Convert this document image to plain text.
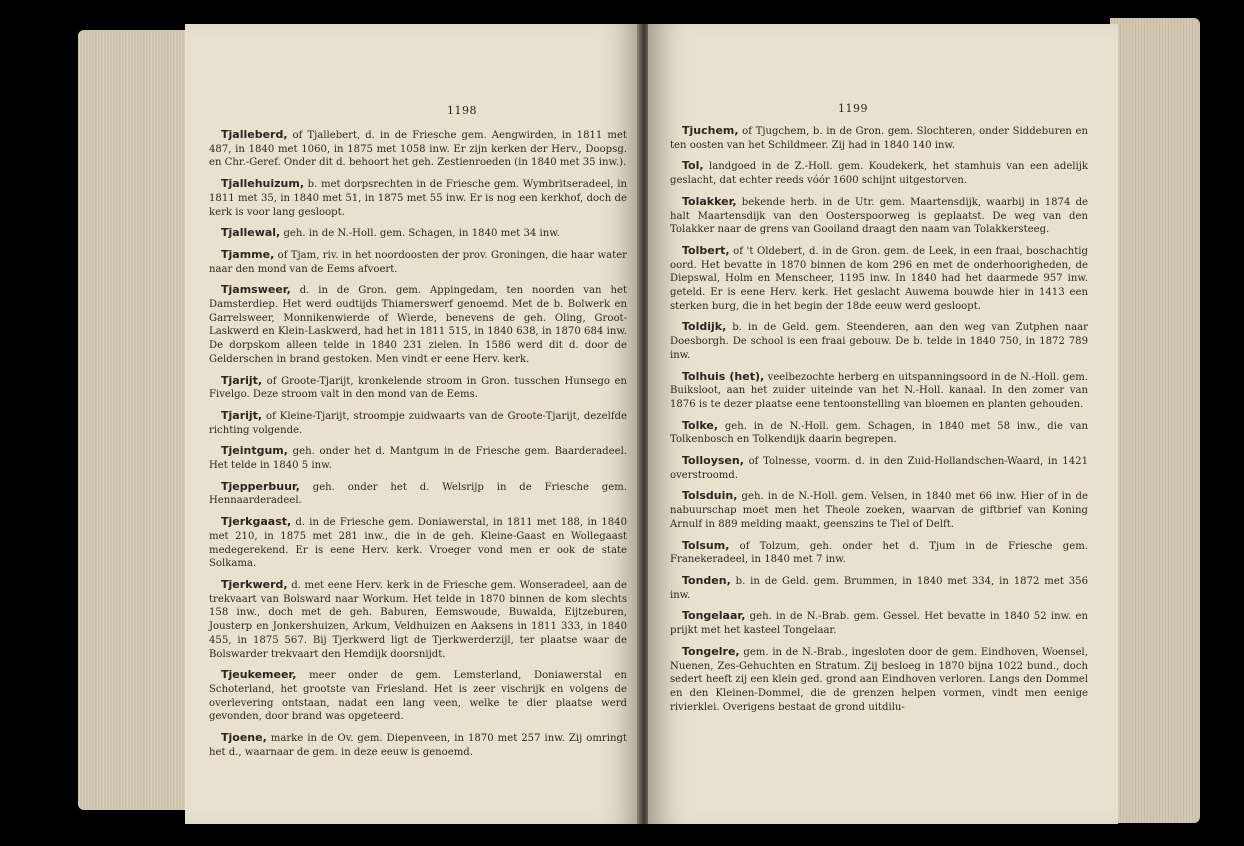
1198

Tjalleberd, of Tjallebert, d. in de Friesche gem. Aengwirden, in 1811 met 487, in 1840 met 1060, in 1875 met 1058 inw. Er zijn kerken der Herv., Doopsg. en Chr.-Geref. Onder dit d. behoort het geh. Zestienroeden (in 1840 met 35 inw.).

Tjallehuizum, b. met dorpsrechten in de Friesche gem. Wymbritseradeel, in 1811 met 35, in 1840 met 51, in 1875 met 55 inw. Er is nog een kerkhof, doch de kerk is voor lang gesloopt.

Tjallewal, geh. in de N.-Holl. gem. Schagen, in 1840 met 34 inw.

Tjamme, of Tjam, riv. in het noordoosten der prov. Groningen, die haar water naar den mond van de Eems afvoert.

Tjamsweer, d. in de Gron. gem. Appingedam, ten noorden van het Damsterdiep. Het werd oudtijds Thiamerswerf genoemd. Met de b. Bolwerk en Garrelsweer, Monnikenwierde of Wierde, benevens de geh. Oling, Groot-Laskwerd en Klein-Laskwerd, had het in 1811 515, in 1840 638, in 1870 684 inw. De dorpskom alleen telde in 1840 231 zielen. In 1586 werd dit d. door de Gelderschen in brand gestoken. Men vindt er eene Herv. kerk.

Tjarijt, of Groote-Tjarijt, kronkelende stroom in Gron. tusschen Hunsego en Fivelgo. Deze stroom valt in den mond van de Eems.

Tjarijt, of Kleine-Tjarijt, stroompje zuidwaarts van de Groote-Tjarijt, dezelfde richting volgende.

Tjeintgum, geh. onder het d. Mantgum in de Friesche gem. Baarderadeel. Het telde in 1840 5 inw.

Tjepperbuur, geh. onder het d. Welsrijp in de Friesche gem. Hennaarderadeel.

Tjerkgaast, d. in de Friesche gem. Doniawerstal, in 1811 met 188, in 1840 met 210, in 1875 met 281 inw., die in de geh. Kleine-Gaast en Wollegaast medegerekend. Er is eene Herv. kerk. Vroeger vond men er ook de state Solkama.

Tjerkwerd, d. met eene Herv. kerk in de Friesche gem. Wonseradeel, aan de trekvaart van Bolsward naar Workum. Het telde in 1870 binnen de kom slechts 158 inw., doch met de geh. Baburen, Eemswoude, Buwalda, Eijtzeburen, Jousterp en Jonkershuizen, Arkum, Veldhuizen en Aaksens in 1811 333, in 1840 455, in 1875 567. Bij Tjerkwerd ligt de Tjerkwerderzijl, ter plaatse waar de Bolswarder trekvaart den Hemdijk doorsnijdt.

Tjeukemeer, meer onder de gem. Lemsterland, Doniawerstal en Schoterland, het grootste van Friesland. Het is zeer vischrijk en volgens de overlevering ontstaan, nadat een lang veen, welke te dier plaatse werd gevonden, door brand was opgeteerd.

Tjoene, marke in de Ov. gem. Diepenveen, in 1870 met 257 inw. Zij omringt het d., waarnaar de gem. in deze eeuw is genoemd.

1199

Tjuchem, of Tjugchem, b. in de Gron. gem. Slochteren, onder Siddeburen en ten oosten van het Schildmeer. Zij had in 1840 140 inw.

Tol, landgoed in de Z.-Holl. gem. Koudekerk, het stamhuis van een adelijk geslacht, dat echter reeds vóór 1600 schijnt uitgestorven.

Tolakker, bekende herb. in de Utr. gem. Maartensdijk, waarbij in 1874 de halt Maartensdijk van den Oosterspoorweg is geplaatst. De weg van den Tolakker naar de grens van Gooiland draagt den naam van Tolakkersteeg.

Tolbert, of 't Oldebert, d. in de Gron. gem. de Leek, in een fraai, boschachtig oord. Het bevatte in 1870 binnen de kom 296 en met de onderhoorigheden, de Diepswal, Holm en Menscheer, 1195 inw. In 1840 had het daarmede 957 inw. geteld. Er is eene Herv. kerk. Het geslacht Auwema bouwde hier in 1413 een sterken burg, die in het begin der 18de eeuw werd gesloopt.

Toldijk, b. in de Geld. gem. Steenderen, aan den weg van Zutphen naar Doesborgh. De school is een fraai gebouw. De b. telde in 1840 750, in 1872 789 inw.

Tolhuis (het), veelbezochte herberg en uitspanningsoord in de N.-Holl. gem. Buiksloot, aan het zuider uiteinde van het N.-Holl. kanaal. In den zomer van 1876 is te dezer plaatse eene tentoonstelling van bloemen en planten gehouden.

Tolke, geh. in de N.-Holl. gem. Schagen, in 1840 met 58 inw., die van Tolkenbosch en Tolkendijk daarin begrepen.

Tolloysen, of Tolnesse, voorm. d. in den Zuid-Hollandschen-Waard, in 1421 overstroomd.

Tolsduin, geh. in de N.-Holl. gem. Velsen, in 1840 met 66 inw. Hier of in de nabuurschap moet men het Theole zoeken, waarvan de giftbrief van Koning Arnulf in 889 melding maakt, geenszins te Tiel of Delft.

Tolsum, of Tolzum, geh. onder het d. Tjum in de Friesche gem. Franekeradeel, in 1840 met 7 inw.

Tonden, b. in de Geld. gem. Brummen, in 1840 met 334, in 1872 met 356 inw.

Tongelaar, geh. in de N.-Brab. gem. Gessel. Het bevatte in 1840 52 inw. en prijkt met het kasteel Tongelaar.

Tongelre, gem. in de N.-Brab., ingesloten door de gem. Eindhoven, Woensel, Nuenen, Zes-Gehuchten en Stratum. Zij besloeg in 1870 bijna 1022 bund., doch sedert heeft zij een klein ged. grond aan Eindhoven verloren. Langs den Dommel en den Kleinen-Dommel, die de grenzen helpen vormen, vindt men eenige rivierklei. Overigens bestaat de grond uitdilu-
